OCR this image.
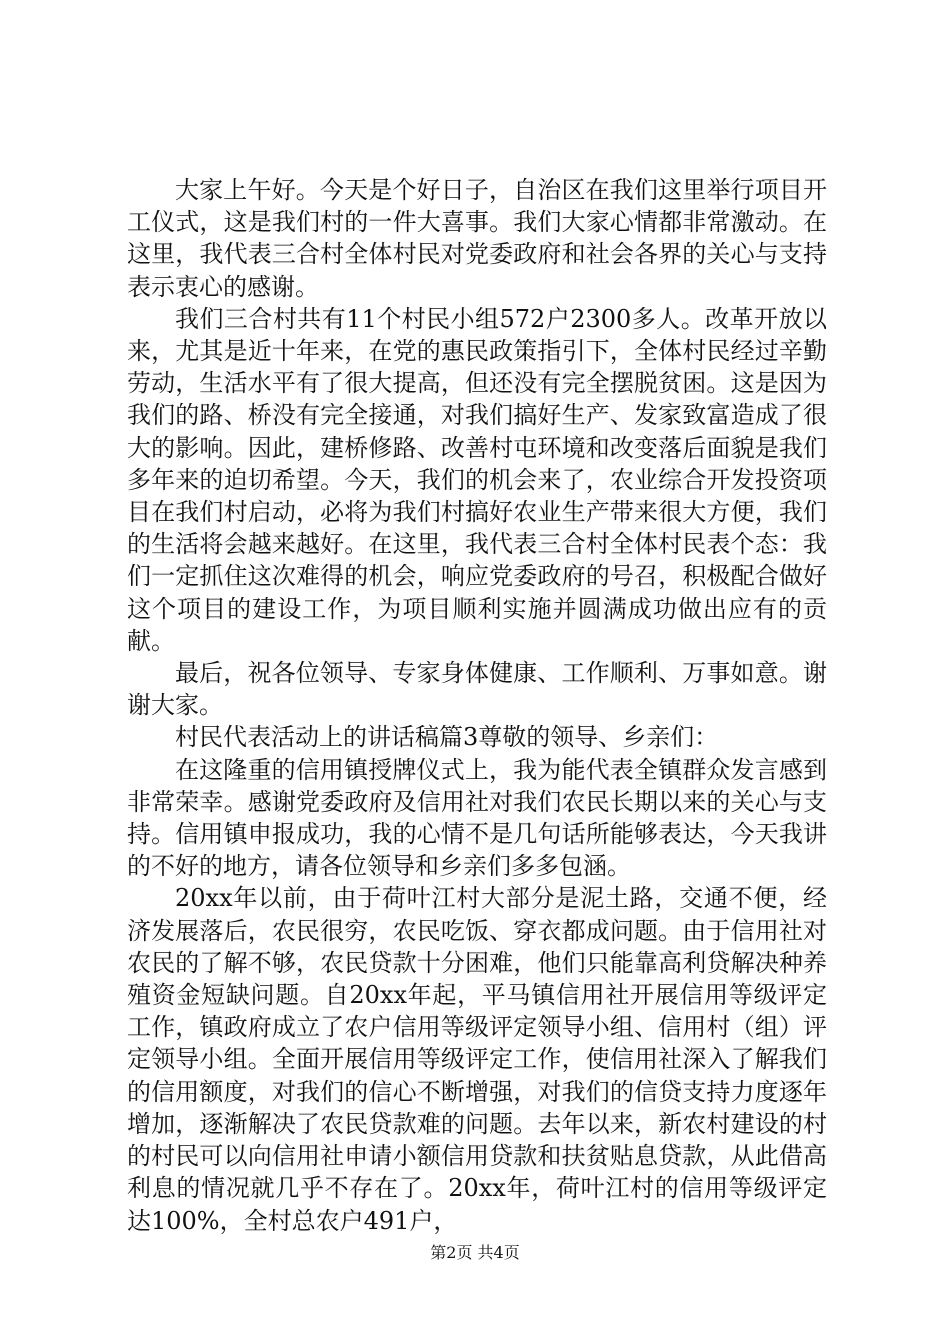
大家上午好。今天是个好日子，自治区在我们这里举行项目开工仪式，这是我们村的一件大喜事。我们大家心情都非常激动。在这里，我代表三合村全体村民对党委政府和社会各界的关心与支持表示衷心的感谢。

我们三合村共有11个村民小组572户2300多人。改革开放以来，尤其是近十年来，在党的惠民政策指引下，全体村民经过辛勤劳动，生活水平有了很大提高，但还没有完全摆脱贫困。这是因为我们的路、桥没有完全接通，对我们搞好生产、发家致富造成了很大的影响。因此，建桥修路、改善村屯环境和改变落后面貌是我们多年来的迫切希望。今天，我们的机会来了，农业综合开发投资项目在我们村启动，必将为我们村搞好农业生产带来很大方便，我们的生活将会越来越好。在这里，我代表三合村全体村民表个态：我们一定抓住这次难得的机会，响应党委政府的号召，积极配合做好这个项目的建设工作，为项目顺利实施并圆满成功做出应有的贡献。

最后，祝各位领导、专家身体健康、工作顺利、万事如意。谢谢大家。

村民代表活动上的讲话稿篇3尊敬的领导、乡亲们：

在这隆重的信用镇授牌仪式上，我为能代表全镇群众发言感到非常荣幸。感谢党委政府及信用社对我们农民长期以来的关心与支持。信用镇申报成功，我的心情不是几句话所能够表达，今天我讲的不好的地方，请各位领导和乡亲们多多包涵。

20xx年以前，由于荷叶江村大部分是泥土路，交通不便，经济发展落后，农民很穷，农民吃饭、穿衣都成问题。由于信用社对农民的了解不够，农民贷款十分困难，他们只能靠高利贷解决种养殖资金短缺问题。自20xx年起，平马镇信用社开展信用等级评定工作，镇政府成立了农户信用等级评定领导小组、信用村（组）评定领导小组。全面开展信用等级评定工作，使信用社深入了解我们的信用额度，对我们的信心不断增强，对我们的信贷支持力度逐年增加，逐渐解决了农民贷款难的问题。去年以来，新农村建设的村的村民可以向信用社申请小额信用贷款和扶贫贴息贷款，从此借高利息的情况就几乎不存在了。20xx年，荷叶江村的信用等级评定达100%，全村总农户491户，

第2页 共4页
